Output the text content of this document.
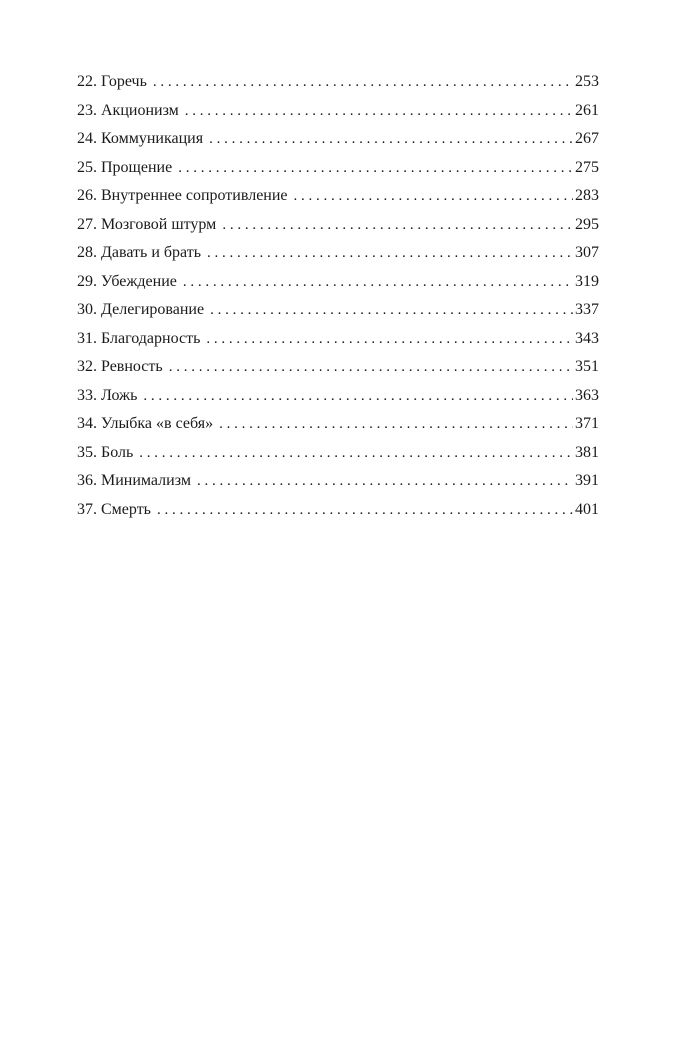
22. Горечь . . .	253
23. Акционизм . . .	261
24. Коммуникация . . .	267
25. Прощение . . .	275
26. Внутреннее сопротивление . . .	283
27. Мозговой штурм . . .	295
28. Давать и брать . . .	307
29. Убеждение . . .	319
30. Делегирование . . .	337
31. Благодарность . . .	343
32. Ревность . . .	351
33. Ложь . . .	363
34. Улыбка «в себя» . . .	371
35. Боль . . .	381
36. Минимализм . . .	391
37. Смерть . . .	401
